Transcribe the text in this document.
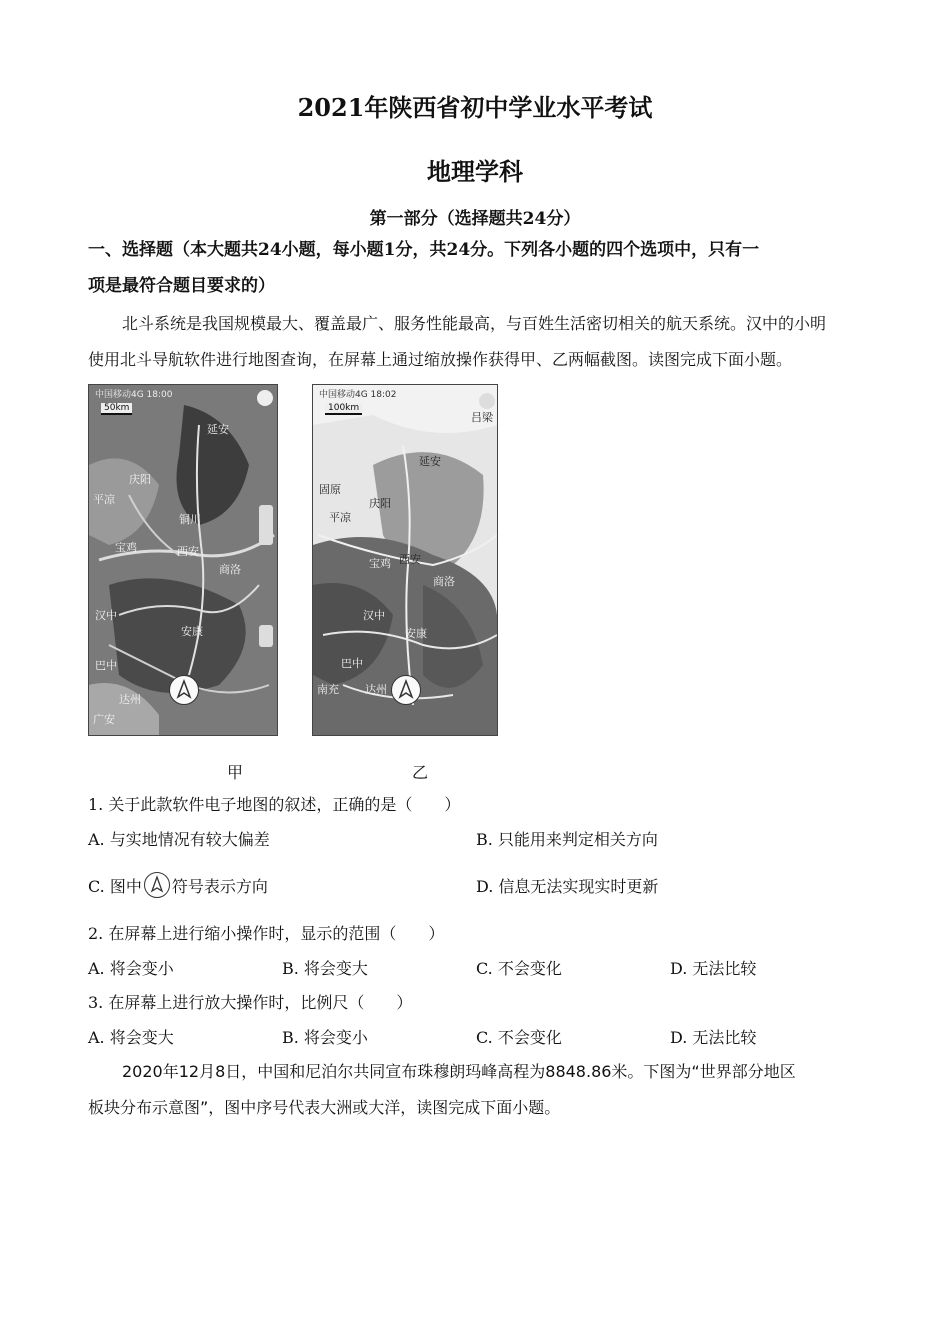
2021年陕西省初中学业水平考试
地理学科
第一部分（选择题共24分）
一、选择题（本大题共24小题，每小题1分，共24分。下列各小题的四个选项中，只有一
项是最符合题目要求的）
北斗系统是我国规模最大、覆盖最广、服务性能最高，与百姓生活密切相关的航天系统。汉中的小明
使用北斗导航软件进行地图查询，在屏幕上通过缩放操作获得甲、乙两幅截图。读图完成下面小题。
中国移动4G 18:00
50km
延安
庆阳
平凉
铜川
宝鸡	西安
商洛
汉中
安康
巴中
达州
广安
中国移动4G 18:02
100km
吕梁
延安
固原
庆阳
平凉
西安
宝鸡
商洛
汉中
安康
巴中
达州
南充
甲	乙
1. 关于此款软件电子地图的叙述，正确的是（　　）
A. 与实地情况有较大偏差	B. 只能用来判定相关方向
C. 图中 符号表示方向	D. 信息无法实现实时更新
2. 在屏幕上进行缩小操作时，显示的范围（　　）
A. 将会变小	B. 将会变大	C. 不会变化	D. 无法比较
3. 在屏幕上进行放大操作时，比例尺（　　）
A. 将会变大	B. 将会变小	C. 不会变化	D. 无法比较
2020年12月8日，中国和尼泊尔共同宣布珠穆朗玛峰高程为8848.86米。下图为“世界部分地区
板块分布示意图”，图中序号代表大洲或大洋，读图完成下面小题。
